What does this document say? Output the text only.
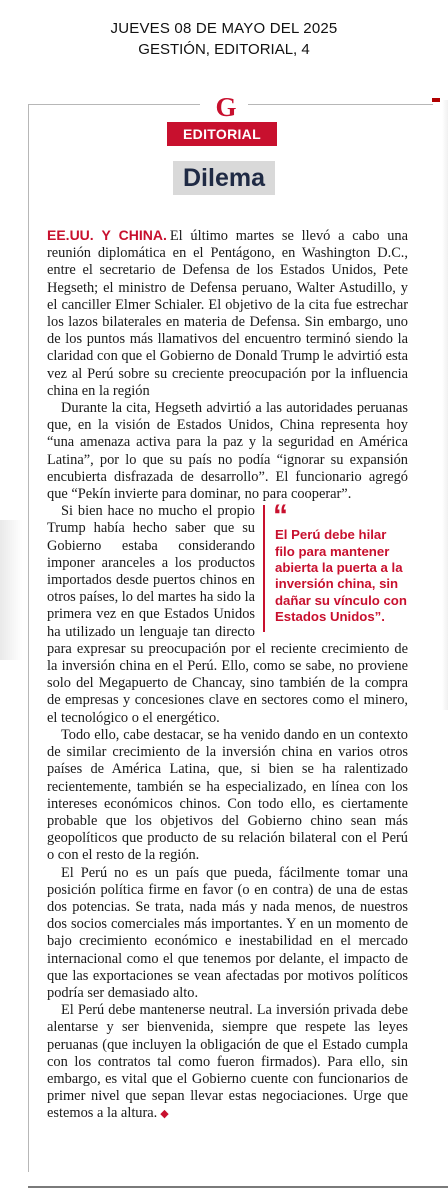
JUEVES 08 DE MAYO DEL 2025
GESTIÓN, EDITORIAL, 4
G
EDITORIAL
Dilema

EE.UU. Y CHINA. El último martes se llevó a cabo una reunión diplomática en el Pentágono, en Washington D.C., entre el secretario de Defensa de los Estados Unidos, Pete Hegseth; el ministro de Defensa peruano, Walter Astudillo, y el canciller Elmer Schialer. El objetivo de la cita fue estrechar los lazos bilaterales en materia de Defensa. Sin embargo, uno de los puntos más llamativos del encuentro terminó siendo la claridad con que el Gobierno de Donald Trump le advirtió esta vez al Perú sobre su creciente preocupación por la influencia china en la región

Durante la cita, Hegseth advirtió a las autoridades peruanas que, en la visión de Estados Unidos, China representa hoy “una amenaza activa para la paz y la seguridad en América Latina”, por lo que su país no podía “ignorar su expansión encubierta disfrazada de desarrollo”. El funcionario agregó que “Pekín invierte para dominar, no para cooperar”.

“
El Perú debe hilar filo para mantener abierta la puerta a la inversión china, sin dañar su vínculo con Estados Unidos”.
Si bien hace no mucho el propio Trump había hecho saber que su Gobierno estaba considerando imponer aranceles a los productos importados desde puertos chinos en otros países, lo del martes ha sido la primera vez en que Estados Unidos ha utilizado un lenguaje tan directo para expresar su preocupación por el reciente crecimiento de la inversión china en el Perú. Ello, como se sabe, no proviene solo del Megapuerto de Chancay, sino también de la compra de empresas y concesiones clave en sectores como el minero, el tecnológico o el energético.

Todo ello, cabe destacar, se ha venido dando en un contexto de similar crecimiento de la inversión china en varios otros países de América Latina, que, si bien se ha ralentizado recientemente, también se ha especializado, en línea con los intereses económicos chinos. Con todo ello, es ciertamente probable que los objetivos del Gobierno chino sean más geopolíticos que producto de su relación bilateral con el Perú o con el resto de la región.

El Perú no es un país que pueda, fácilmente tomar una posición política firme en favor (o en contra) de una de estas dos potencias. Se trata, nada más y nada menos, de nuestros dos socios comerciales más importantes. Y en un momento de bajo crecimiento económico e inestabilidad en el mercado internacional como el que tenemos por delante, el impacto de que las exportaciones se vean afectadas por motivos políticos podría ser demasiado alto.

El Perú debe mantenerse neutral. La inversión privada debe alentarse y ser bienvenida, siempre que respete las leyes peruanas (que incluyen la obligación de que el Estado cumpla con los contratos tal como fueron firmados). Para ello, sin embargo, es vital que el Gobierno cuente con funcionarios de primer nivel que sepan llevar estas negociaciones. Urge que estemos a la altura. ◆
